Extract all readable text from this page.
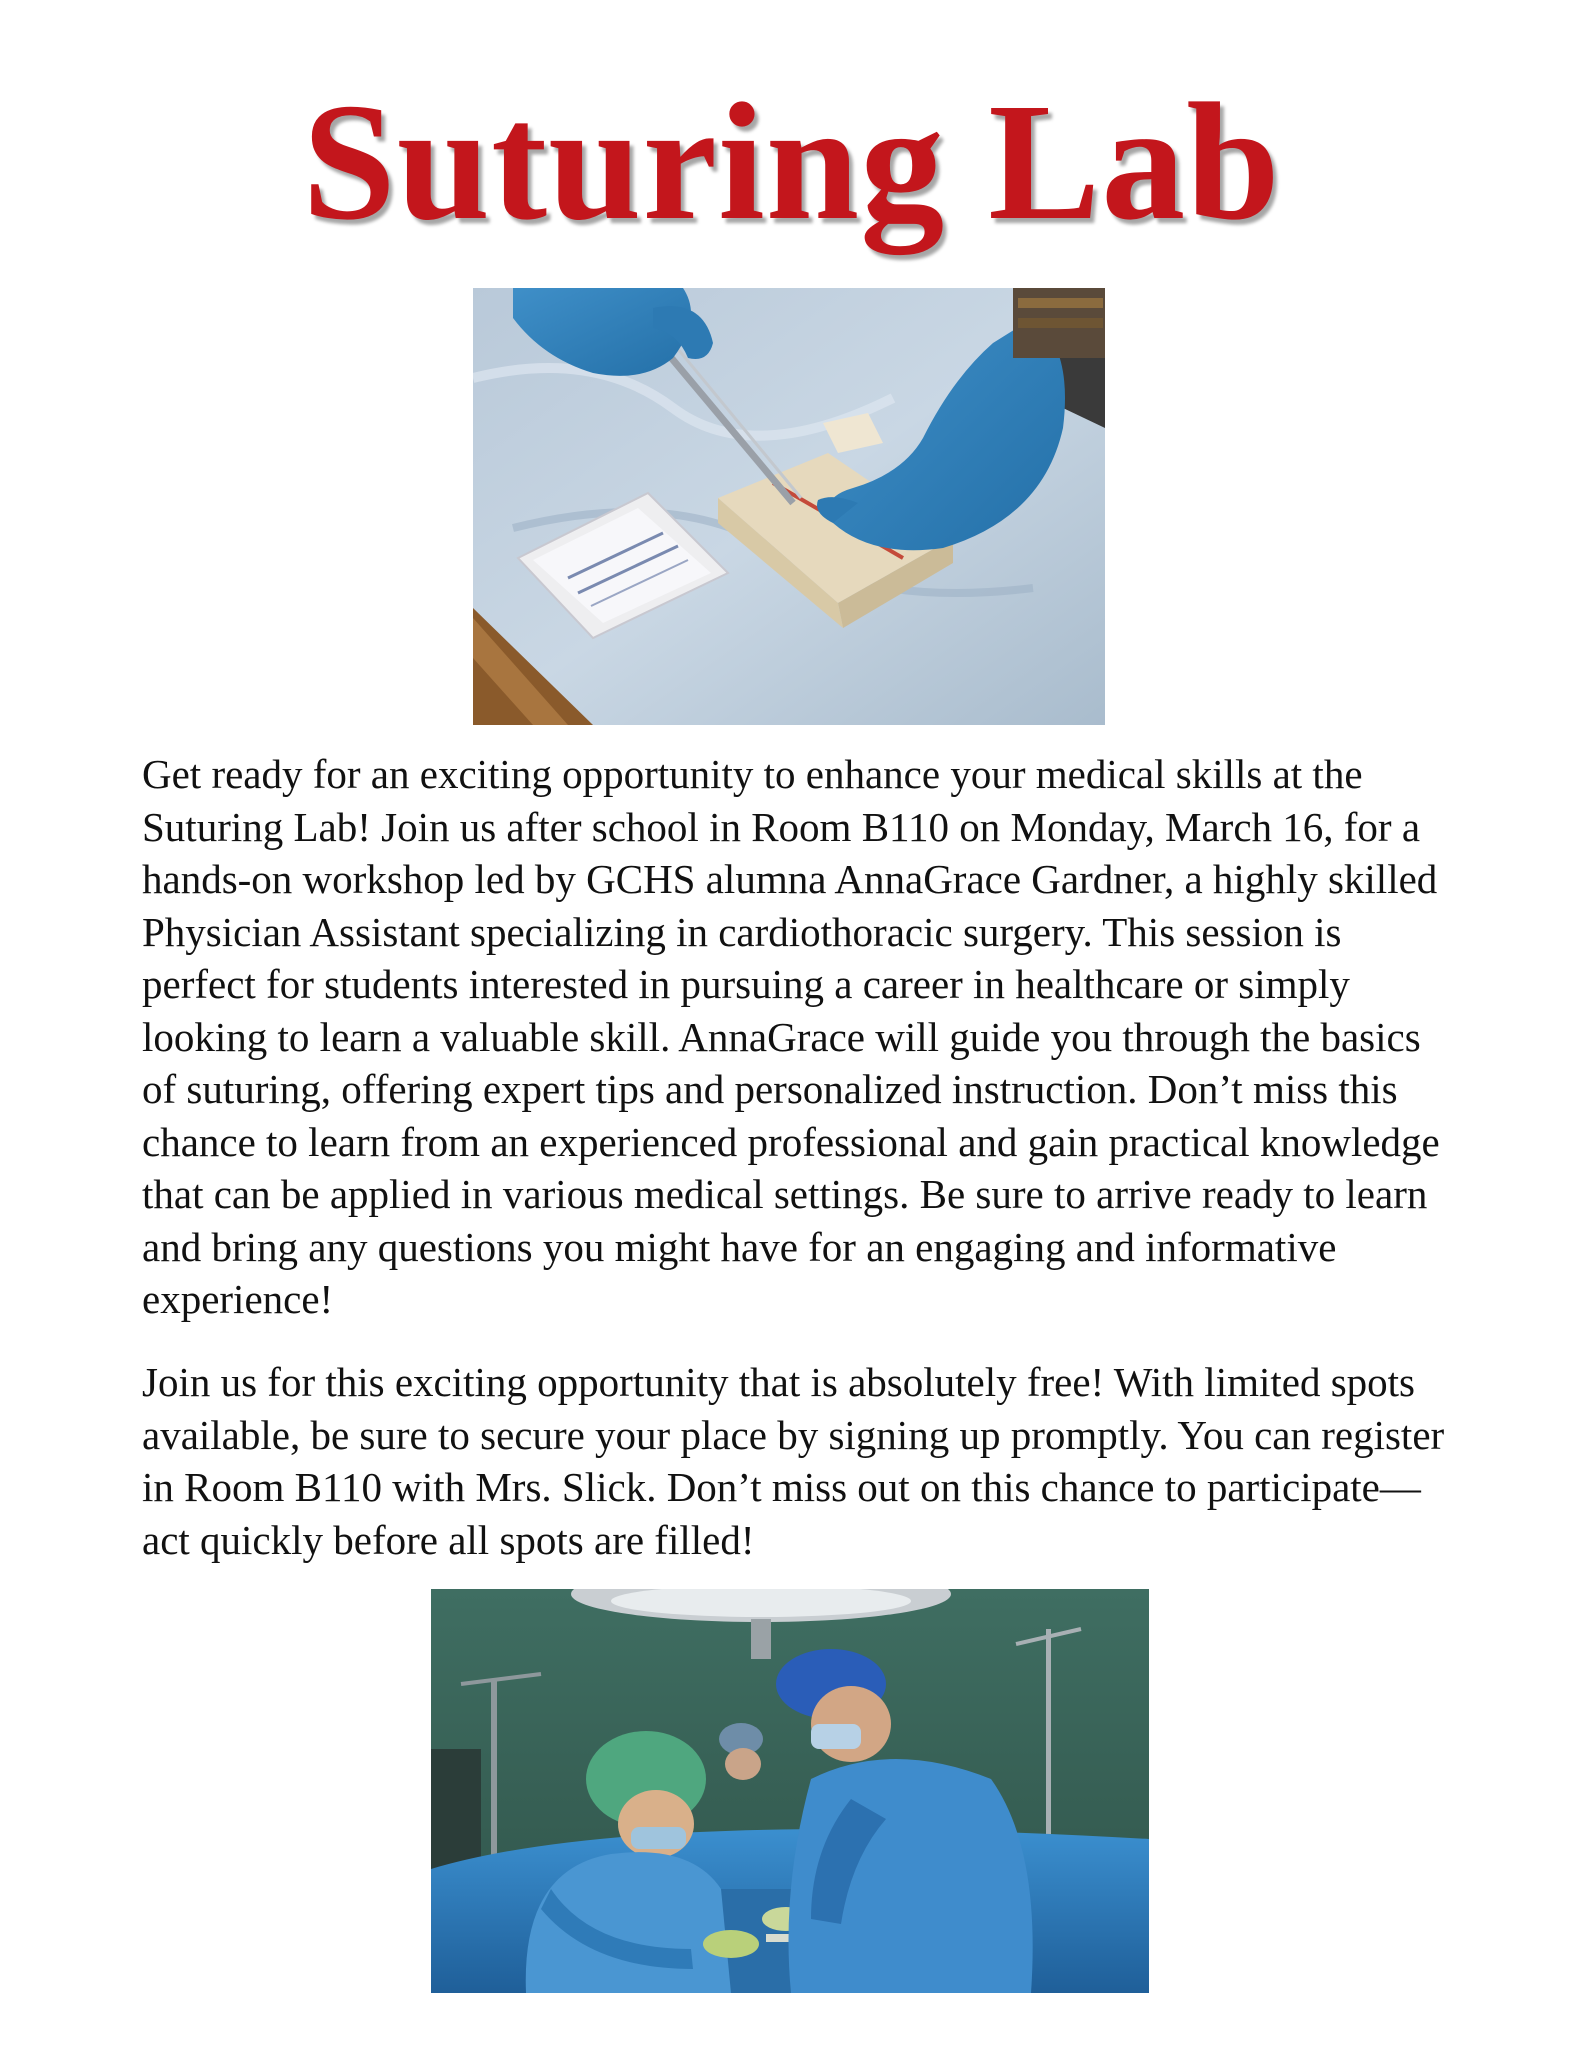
Suturing Lab

Get ready for an exciting opportunity to enhance your medical skills at the Suturing Lab! Join us after school in Room B110 on Monday, March 16, for a hands-on workshop led by GCHS alumna AnnaGrace Gardner, a highly skilled Physician Assistant specializing in cardiothoracic surgery. This session is perfect for students interested in pursuing a career in healthcare or simply looking to learn a valuable skill. AnnaGrace will guide you through the basics of suturing, offering expert tips and personalized instruction. Don’t miss this chance to learn from an experienced professional and gain practical knowledge that can be applied in various medical settings. Be sure to arrive ready to learn and bring any questions you might have for an engaging and informative experience!

Join us for this exciting opportunity that is absolutely free! With limited spots available, be sure to secure your place by signing up promptly. You can register in Room B110 with Mrs. Slick. Don’t miss out on this chance to participate—act quickly before all spots are filled!
